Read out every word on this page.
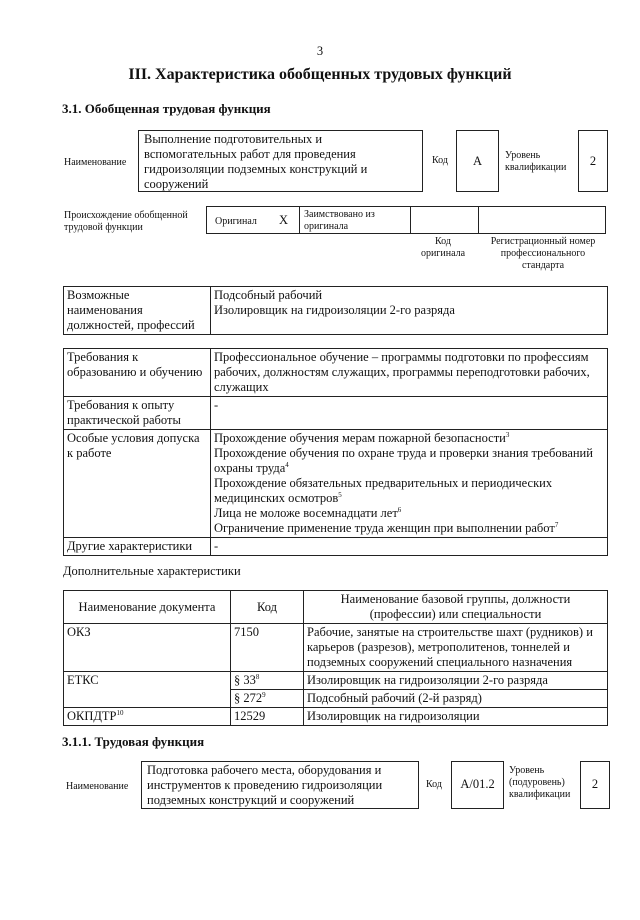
3
III. Характеристика обобщенных трудовых функций
3.1. Обобщенная трудовая функция
Наименование
Выполнение подготовительных и вспомогательных работ для проведения гидроизоляции подземных конструкций и сооружений
Код	А	Уровень квалификации	2
Происхождение обобщенной трудовой функции
Оригинал X Заимствовано из оригинала
Код оригинала
Регистрационный номер профессионального стандарта
Возможные наименования должностей, профессий	
Подсобный рабочий
Изолировщик на гидроизоляции 2-го разряда
Требования к образованию и обучению	Профессиональное обучение – программы подготовки по профессиям рабочих, должностям служащих, программы переподготовки рабочих, служащих
Требования к опыту практической работы	-
Особые условия допуска к работе	Прохождение обучения мерам пожарной безопасности$^3$
Прохождение обучения по охране труда и проверки знания требований охраны труда$^4$
Прохождение обязательных предварительных и периодических медицинских осмотров$^5$
Лица не моложе восемнадцати лет$^6$
Ограничение применение труда женщин при выполнении работ$^7$

Другие характеристики	-
Дополнительные характеристики
Наименование документа	Код	Наименование базовой группы, должности (профессии) или специальности
ОКЗ	7150	Рабочие, занятые на строительстве шахт (рудников) и карьеров (разрезов), метрополитенов, тоннелей и подземных сооружений специального назначения
ЕТКС	§ $33^8$	Изолировщик на гидроизоляции 2-го разряда
	§ $272^9$	Подсобный рабочий (2-й разряд)
ОКПДТР$^{10}$	12529	Изолировщик на гидроизоляции
3.1.1. Трудовая функция
Наименование
Подготовка рабочего места, оборудования и инструментов к проведению гидроизоляции подземных конструкций и сооружений
Код	A/01.2
Уровень (подуровень) квалификации
2
